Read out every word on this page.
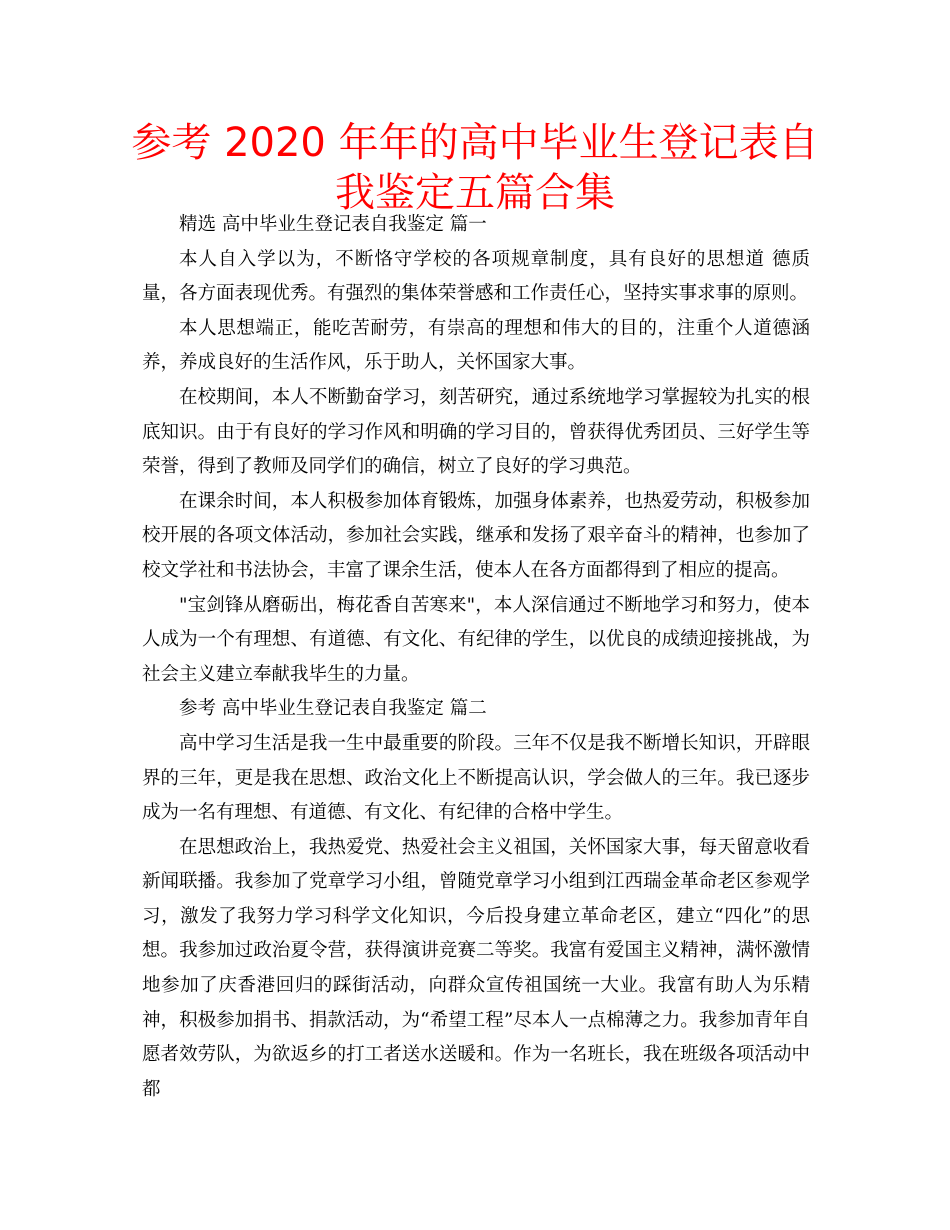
参考 2020 年年的高中毕业生登记表自我鉴定五篇合集

精选 高中毕业生登记表自我鉴定 篇一

本人自入学以为，不断恪守学校的各项规章制度，具有良好的思想道 德质量，各方面表现优秀。有强烈的集体荣誉感和工作责任心，坚持实事求事的原则。

本人思想端正，能吃苦耐劳，有崇高的理想和伟大的目的，注重个人道德涵养，养成良好的生活作风，乐于助人，关怀国家大事。

在校期间，本人不断勤奋学习，刻苦研究，通过系统地学习掌握较为扎实的根底知识。由于有良好的学习作风和明确的学习目的，曾获得优秀团员、三好学生等荣誉，得到了教师及同学们的确信，树立了良好的学习典范。

在课余时间，本人积极参加体育锻炼，加强身体素养，也热爱劳动，积极参加校开展的各项文体活动，参加社会实践，继承和发扬了艰辛奋斗的精神，也参加了校文学社和书法协会，丰富了课余生活，使本人在各方面都得到了相应的提高。

"宝剑锋从磨砺出，梅花香自苦寒来"，本人深信通过不断地学习和努力，使本人成为一个有理想、有道德、有文化、有纪律的学生，以优良的成绩迎接挑战，为社会主义建立奉献我毕生的力量。

参考 高中毕业生登记表自我鉴定 篇二

高中学习生活是我一生中最重要的阶段。三年不仅是我不断增长知识，开辟眼界的三年，更是我在思想、政治文化上不断提高认识，学会做人的三年。我已逐步成为一名有理想、有道德、有文化、有纪律的合格中学生。

在思想政治上，我热爱党、热爱社会主义祖国，关怀国家大事，每天留意收看新闻联播。我参加了党章学习小组，曾随党章学习小组到江西瑞金革命老区参观学习，激发了我努力学习科学文化知识，今后投身建立革命老区，建立“四化”的思想。我参加过政治夏令营，获得演讲竞赛二等奖。我富有爱国主义精神，满怀激情地参加了庆香港回归的踩街活动，向群众宣传祖国统一大业。我富有助人为乐精神，积极参加捐书、捐款活动，为“希望工程”尽本人一点棉薄之力。我参加青年自愿者效劳队，为欲返乡的打工者送水送暖和。作为一名班长，我在班级各项活动中都
